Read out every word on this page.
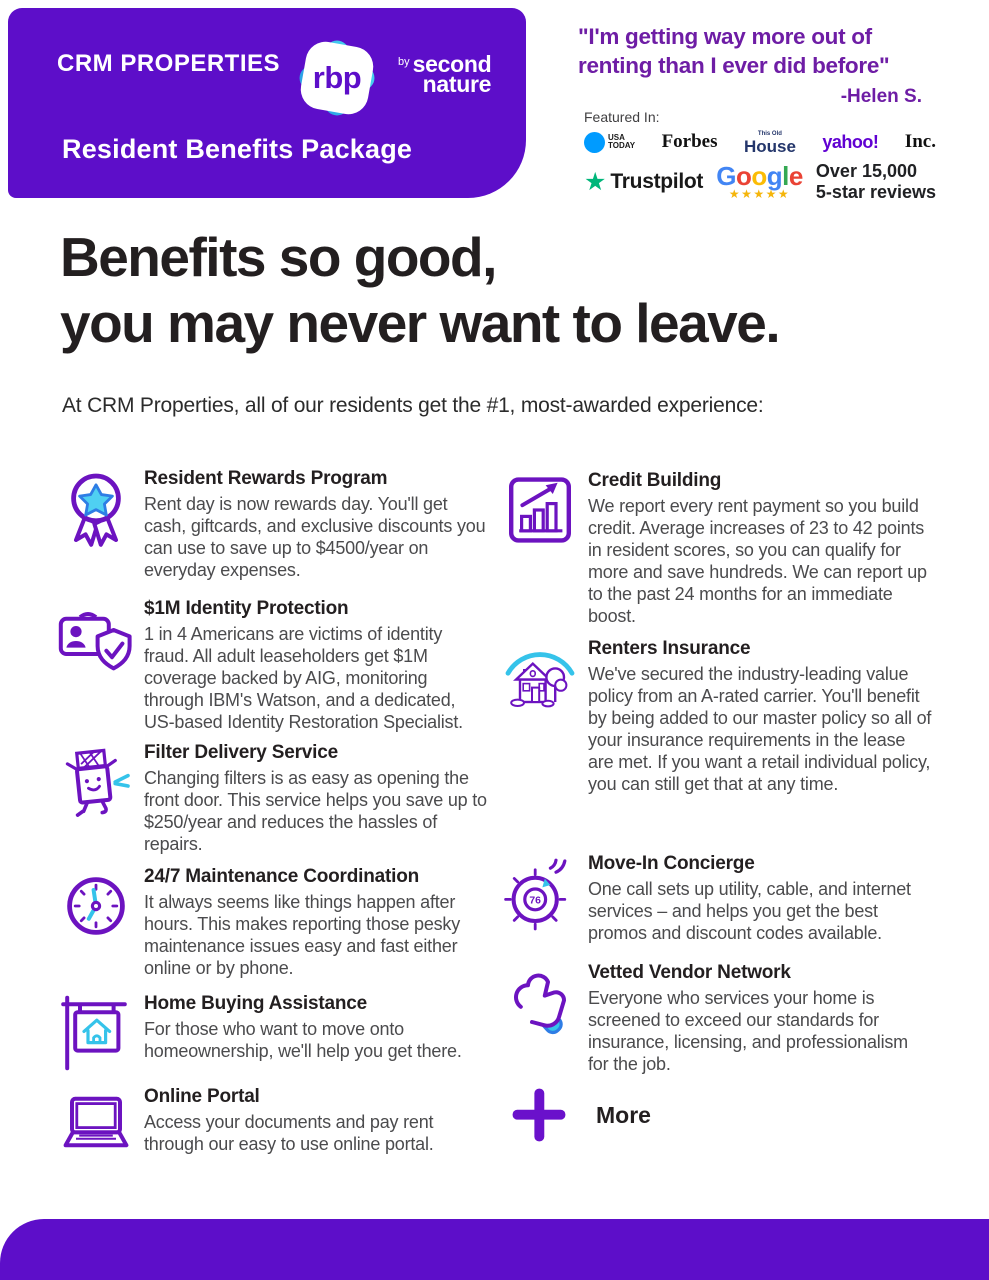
CRM PROPERTIES	rbp	by second
nature
Resident Benefits Package
"I'm getting way more out of
renting than I ever did before"
-Helen S.
Featured In:
USA
TODAY Forbes	This Old
House yahoo! Inc.
★ Trustpilot Google
★★★★★
Over 15,000
5-star reviews
Benefits so good,
you may never want to leave.
At CRM Properties, all of our residents get the #1, most-awarded experience:
Resident Rewards Program
Rent day is now rewards day. You'll get cash, giftcards, and exclusive discounts you can use to save up to $4500/year on everyday expenses.
$1M Identity Protection
1 in 4 Americans are victims of identity fraud. All adult leaseholders get $1M coverage backed by AIG, monitoring through IBM's Watson, and a dedicated, US-based Identity Restoration Specialist.
Filter Delivery Service
Changing filters is as easy as opening the front door. This service helps you save up to $250/year and reduces the hassles of repairs.
24/7 Maintenance Coordination
It always seems like things happen after hours. This makes reporting those pesky maintenance issues easy and fast either online or by phone.
Home Buying Assistance
For those who want to move onto homeownership, we'll help you get there.
Online Portal
Access your documents and pay rent through our easy to use online portal.
Credit Building
We report every rent payment so you build credit. Average increases of 23 to 42 points in resident scores, so you can qualify for more and save hundreds. We can report up to the past 24 months for an immediate boost.
Renters Insurance
We've secured the industry-leading value policy from an A-rated carrier. You'll benefit by being added to our master policy so all of your insurance requirements in the lease are met. If you want a retail individual policy, you can still get that at any time.
76
Move-In Concierge
One call sets up utility, cable, and internet services – and helps you get the best promos and discount codes available.
Vetted Vendor Network
Everyone who services your home is screened to exceed our standards for insurance, licensing, and professionalism for the job.
More
